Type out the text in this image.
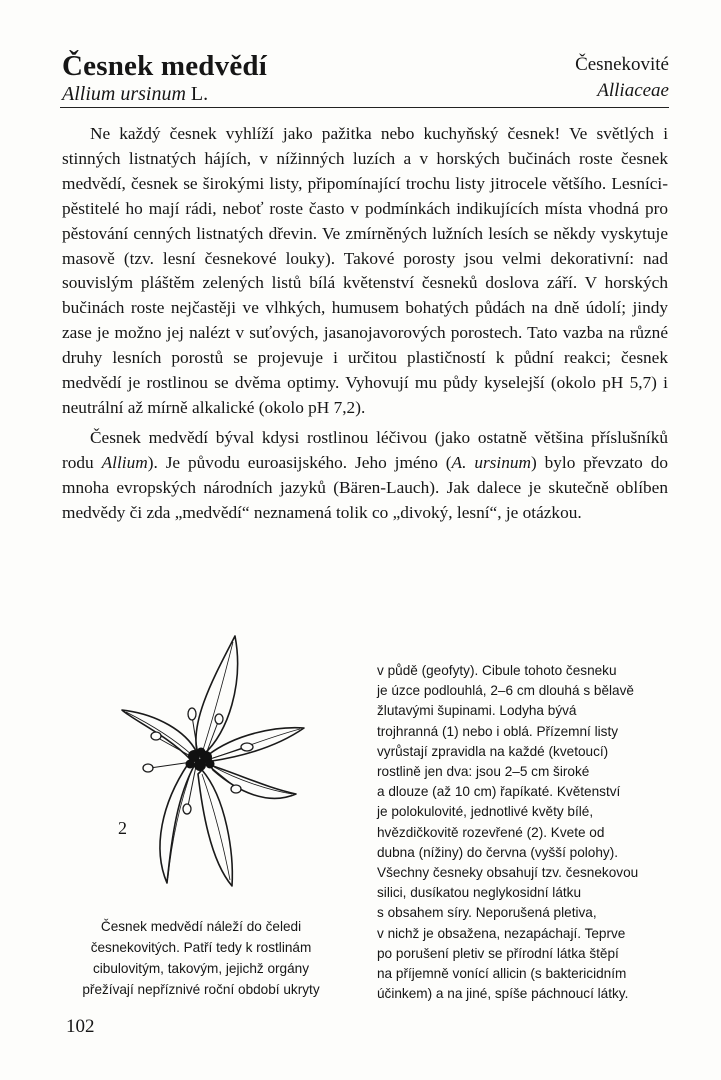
Česnek medvědí
Allium ursinum L.
Česnekovité
Alliaceae

Ne každý česnek vyhlíží jako pažitka nebo kuchyňský česnek! Ve světlých i stinných listnatých hájích, v nížinných luzích a v horských bučinách roste česnek medvědí, česnek se širokými listy, připomínající trochu listy jitrocele většího. Lesníci-pěstitelé ho mají rádi, neboť roste často v podmínkách indikujících místa vhodná pro pěstování cenných listnatých dřevin. Ve zmírněných lužních lesích se někdy vyskytuje masově (tzv. lesní česnekové louky). Takové porosty jsou velmi dekorativní: nad souvislým pláštěm zelených listů bílá květenství česneků doslova září. V horských bučinách roste nejčastěji ve vlhkých, humusem bohatých půdách na dně údolí; jindy zase je možno jej nalézt v suťových, jasanojavorových porostech. Tato vazba na různé druhy lesních porostů se projevuje i určitou plastičností k půdní reakci; česnek medvědí je rostlinou se dvěma optimy. Vyhovují mu půdy kyselejší (okolo pH 5,7) i neutrální až mírně alkalické (okolo pH 7,2).

Česnek medvědí býval kdysi rostlinou léčivou (jako ostatně většina příslušníků rodu Allium). Je původu euroasijského. Jeho jméno (A. ursinum) bylo převzato do mnoha evropských národních jazyků (Bären-Lauch). Jak dalece je skutečně oblíben medvědy či zda „medvědí“ neznamená tolik co „divoký, lesní“, je otázkou.

2
Česnek medvědí náleží do čeledi česnekovitých. Patří tedy k rostlinám cibulovitým, takovým, jejichž orgány přežívají nepříznivé roční období ukryty
v půdě (geofyty). Cibule tohoto česneku
je úzce podlouhlá, 2–6 cm dlouhá s bělavě
žlutavými šupinami. Lodyha bývá
trojhranná (1) nebo i oblá. Přízemní listy
vyrůstají zpravidla na každé (kvetoucí)
rostlině jen dva: jsou 2–5 cm široké
a dlouze (až 10 cm) řapíkaté. Květenství
je polokulovité, jednotlivé květy bílé,
hvězdičkovitě rozevřené (2). Kvete od
dubna (nížiny) do června (vyšší polohy).
Všechny česneky obsahují tzv. česnekovou
silici, dusíkatou neglykosidní látku
s obsahem síry. Neporušená pletiva,
v nichž je obsažena, nezapáchají. Teprve
po porušení pletiv se přírodní látka štěpí
na příjemně vonící allicin (s baktericidním
účinkem) a na jiné, spíše páchnoucí látky.
102
